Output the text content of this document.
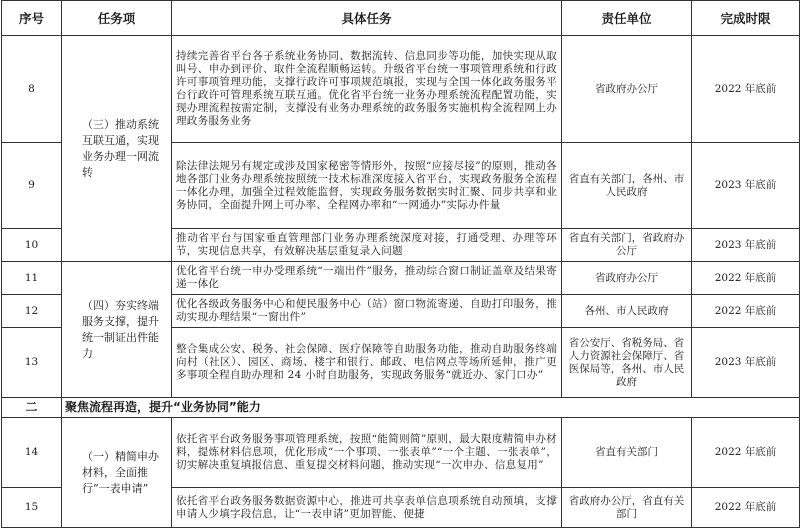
序号	任务项	具体任务	责任单位	完成时限
8	（三）推动系统互联互通，实现业务办理一网流转	持续完善省平台各子系统业务协同、数据流转、信息同步等功能，加快实现从取叫号、申办到评价、取件全流程顺畅运转。升级省平台统一事项管理系统和行政许可事项管理功能，支撑行政许可事项规范填报，实现与全国一体化政务服务平台行政许可管理系统互联互通。优化省平台统一业务办理系统流程配置功能，实现办理流程按需定制，支撑没有业务办理系统的政务服务实施机构全流程网上办理政务服务业务	省政府办公厅	2022 年底前
9		除法律法规另有规定或涉及国家秘密等情形外，按照“应接尽接”的原则，推动各地各部门业务办理系统按照统一技术标准深度接入省平台，实现政务服务全流程一体化办理，加强全过程效能监督，实现政务服务数据实时汇聚、同步共享和业务协同，全面提升网上可办率、全程网办率和“一网通办”实际办件量	省直有关部门，各州、市人民政府	2023 年底前
10		推动省平台与国家垂直管理部门业务办理系统深度对接，打通受理、办理等环节，实现信息共享，有效解决基层重复录入问题	省直有关部门，省政府办公厅	2023 年底前
11	（四）夯实终端服务支撑，提升统一制证出件能力	优化省平台统一申办受理系统“一端出件”服务，推动综合窗口制证盖章及结果寄递一体化	省政府办公厅	2022 年底前
12		优化各级政务服务中心和便民服务中心（站）窗口物流寄递、自助打印服务，推动实现办理结果“一窗出件”	各州、市人民政府	2022 年底前
13		整合集成公安、税务、社会保障、医疗保障等自助服务功能，推动自助服务终端向村（社区）、园区、商场、楼宇和银行、邮政、电信网点等场所延伸，推广更多事项全程自助办理和 24 小时自助服务，实现政务服务“就近办、家门口办”	省公安厅、省税务局、省人力资源社会保障厅、省医保局等，各州、市人民政府	2023 年底前
二	聚焦流程再造，提升“业务协同”能力			
14	（一）精简申办材料，全面推行“一表申请”	依托省平台政务服务事项管理系统，按照“能简则简”原则，最大限度精简申办材料，提炼材料信息项，优化形成“一个事项、一张表单”“一个主题、一张表单”，切实解决重复填报信息、重复提交材料问题，推动实现“一次申办、信息复用”	省直有关部门	2022 年底前
15		依托省平台政务服务数据资源中心，推进可共享表单信息项系统自动预填，支撑申请人少填字段信息，让“一表申请”更加智能、便捷	省政府办公厅，省直有关部门	2022 年底前
